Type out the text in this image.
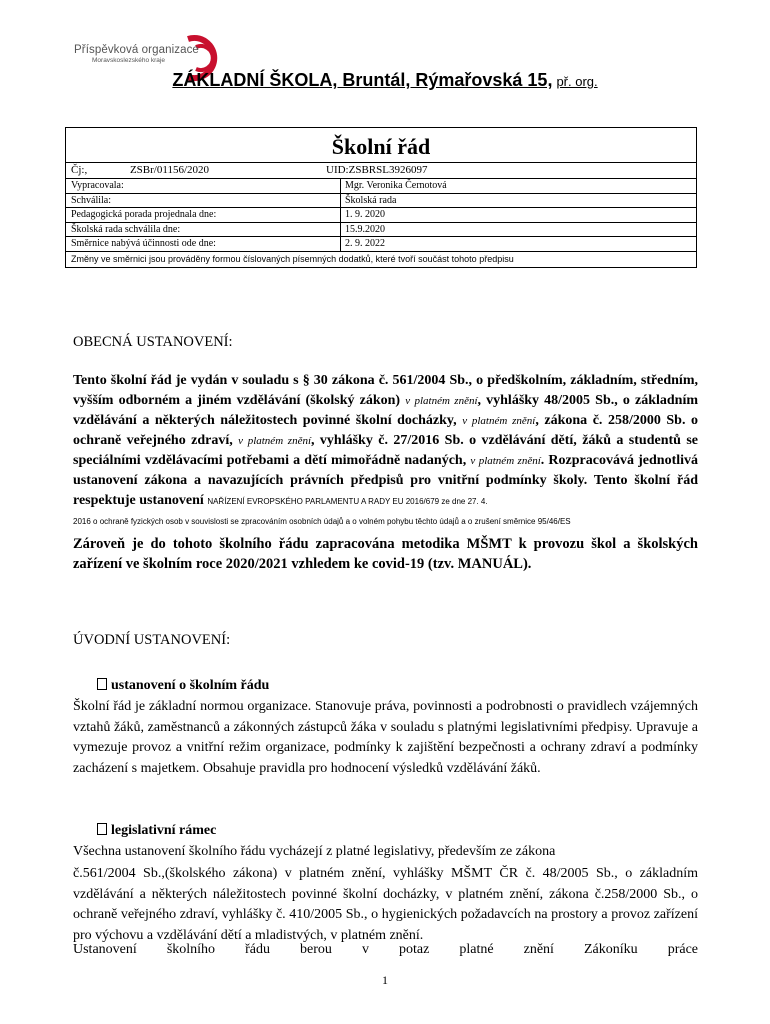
Příspěvková organizace
Moravskoslezského kraje
ZÁKLADNÍ ŠKOLA, Bruntál, Rýmařovská 15, př. org.
Školní řád
Čj:,	ZSBr/01156/2020	UID:ZSBRSL3926097
Vypracovala:	Mgr. Veronika Černotová
Schválila:	Školská rada
Pedagogická porada projednala dne:	1. 9. 2020
Školská rada schválila dne:	15.9.2020
Směrnice nabývá účinnosti ode dne:	2. 9. 2022
Změny ve směrnici jsou prováděny formou číslovaných písemných dodatků, které tvoří součást tohoto předpisu
OBECNÁ USTANOVENÍ:
Tento školní řád je vydán v souladu s § 30 zákona č. 561/2004 Sb., o předškolním, základním, středním, vyšším odborném a jiném vzdělávání (školský zákon) v platném znění, vyhlášky 48/2005 Sb., o základním vzdělávání a některých náležitostech povinné školní docházky, v platném znění, zákona č. 258/2000 Sb. o ochraně veřejného zdraví, v platném znění, vyhlášky č. 27/2016 Sb. o vzdělávání dětí, žáků a studentů se speciálními vzdělávacími potřebami a dětí mimořádně nadaných, v platném znění. Rozpracovává jednotlivá ustanovení zákona a navazujících právních předpisů pro vnitřní podmínky školy. Tento školní řád respektuje ustanovení NAŘÍZENÍ EVROPSKÉHO PARLAMENTU A RADY EU 2016/679 ze dne 27. 4.
2016 o ochraně fyzických osob v souvislosti se zpracováním osobních údajů a o volném pohybu těchto údajů a o zrušení směrnice 95/46/ES
Zároveň je do tohoto školního řádu zapracována metodika MŠMT k provozu škol a školských zařízení ve školním roce 2020/2021 vzhledem ke covid-19 (tzv. MANUÁL).
ÚVODNÍ USTANOVENÍ:
ustanovení o školním řádu
Školní řád je základní normou organizace. Stanovuje práva, povinnosti a podrobnosti o pravidlech vzájemných vztahů žáků, zaměstnanců a zákonných zástupců žáka v souladu s platnými legislativními předpisy. Upravuje a vymezuje provoz a vnitřní režim organizace, podmínky k zajištění bezpečnosti a ochrany zdraví a podmínky zacházení s majetkem. Obsahuje pravidla pro hodnocení výsledků vzdělávání žáků.
legislativní rámec
Všechna ustanovení školního řádu vycházejí z platné legislativy, především ze zákona
č.561/2004 Sb.,(školského zákona) v platném znění, vyhlášky MŠMT ČR č. 48/2005 Sb., o základním vzdělávání a některých náležitostech povinné školní docházky, v platném znění, zákona č.258/2000 Sb., o ochraně veřejného zdraví, vyhlášky č. 410/2005 Sb., o hygienických požadavcích na prostory a provoz zařízení pro výchovu a vzdělávání dětí a mladistvých, v platném znění.
Ustanovení školního řádu berou v potaz platné znění Zákoníku práce
1
